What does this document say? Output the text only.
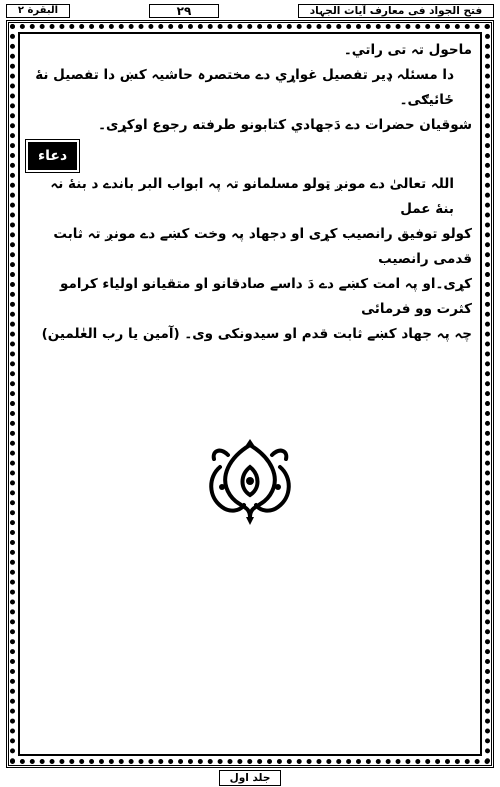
البقرة ۲	۲۹	فتح الجواد فی معارف آیات الجہاد

ماحول تہ تی راتي۔

دا مسئلہ ډیر تفصیل غواړي دے مختصرہ حاشیہ کښ دا تفصیل نۀ ځائیګی۔

شوقیان حضرات دے دَجهادي کتابونو طرفته رجوع اوکړی۔

دعاء

اللہ تعالیٰ دے مونږ ټولو مسلمانو تہ پہ ابواب البر باندے د بنۀ نہ بنۀ عمل

کولو توفیق رانصیب کړی او دجهاد پہ وخت کښے دے مونږ تہ ثابت قدمی رانصیب

کړی۔او پہ امت کښے دے دَ داسے صادقانو او متقیانو اولیاء کرامو کثرت وو فرمائی

چہ پہ جهاد کښے ثابت قدم او سیدونکی وی۔ (آمین یا رب العٰلمین)

جلد اول
